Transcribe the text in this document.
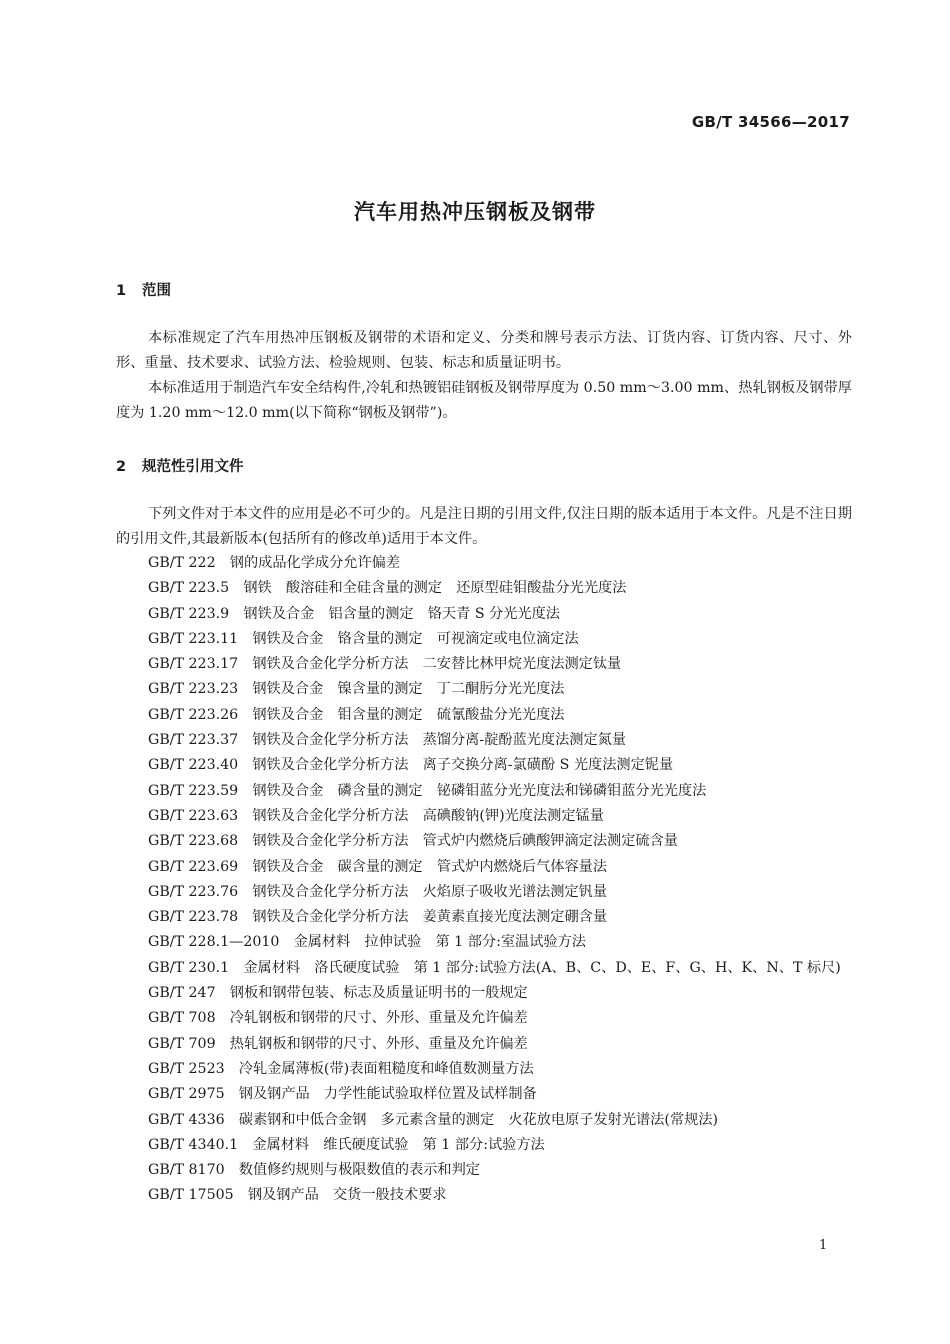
GB/T 34566—2017
汽车用热冲压钢板及钢带
1 范围
本标准规定了汽车用热冲压钢板及钢带的术语和定义、分类和牌号表示方法、订货内容、订货内容、尺寸、外形、重量、技术要求、试验方法、检验规则、包装、标志和质量证明书。
本标准适用于制造汽车安全结构件,冷轧和热镀铝硅钢板及钢带厚度为 0.50 mm～3.00 mm、热轧钢板及钢带厚度为 1.20 mm～12.0 mm(以下简称“钢板及钢带”)。
2 规范性引用文件
下列文件对于本文件的应用是必不可少的。凡是注日期的引用文件,仅注日期的版本适用于本文件。凡是不注日期的引用文件,其最新版本(包括所有的修改单)适用于本文件。
GB/T 222　钢的成品化学成分允许偏差
GB/T 223.5　钢铁　酸溶硅和全硅含量的测定　还原型硅钼酸盐分光光度法
GB/T 223.9　钢铁及合金　铝含量的测定　铬天青 S 分光光度法
GB/T 223.11　钢铁及合金　铬含量的测定　可视滴定或电位滴定法
GB/T 223.17　钢铁及合金化学分析方法　二安替比林甲烷光度法测定钛量
GB/T 223.23　钢铁及合金　镍含量的测定　丁二酮肟分光光度法
GB/T 223.26　钢铁及合金　钼含量的测定　硫氰酸盐分光光度法
GB/T 223.37　钢铁及合金化学分析方法　蒸馏分离-靛酚蓝光度法测定氮量
GB/T 223.40　钢铁及合金化学分析方法　离子交换分离-氯磺酚 S 光度法测定铌量
GB/T 223.59　钢铁及合金　磷含量的测定　铋磷钼蓝分光光度法和锑磷钼蓝分光光度法
GB/T 223.63　钢铁及合金化学分析方法　高碘酸钠(钾)光度法测定锰量
GB/T 223.68　钢铁及合金化学分析方法　管式炉内燃烧后碘酸钾滴定法测定硫含量
GB/T 223.69　钢铁及合金　碳含量的测定　管式炉内燃烧后气体容量法
GB/T 223.76　钢铁及合金化学分析方法　火焰原子吸收光谱法测定钒量
GB/T 223.78　钢铁及合金化学分析方法　姜黄素直接光度法测定硼含量
GB/T 228.1—2010　金属材料　拉伸试验　第 1 部分:室温试验方法
GB/T 230.1　金属材料　洛氏硬度试验　第 1 部分:试验方法(A、B、C、D、E、F、G、H、K、N、T 标尺)
GB/T 247　钢板和钢带包装、标志及质量证明书的一般规定
GB/T 708　冷轧钢板和钢带的尺寸、外形、重量及允许偏差
GB/T 709　热轧钢板和钢带的尺寸、外形、重量及允许偏差
GB/T 2523　冷轧金属薄板(带)表面粗糙度和峰值数测量方法
GB/T 2975　钢及钢产品　力学性能试验取样位置及试样制备
GB/T 4336　碳素钢和中低合金钢　多元素含量的测定　火花放电原子发射光谱法(常规法)
GB/T 4340.1　金属材料　维氏硬度试验　第 1 部分:试验方法
GB/T 8170　数值修约规则与极限数值的表示和判定
GB/T 17505　钢及钢产品　交货一般技术要求
1
